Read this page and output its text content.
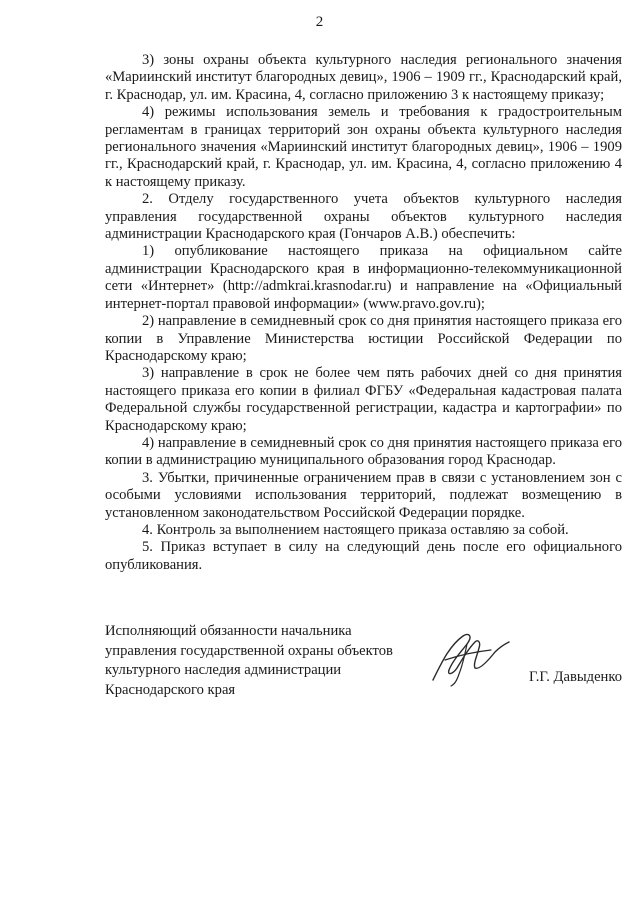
2

3) зоны охраны объекта культурного наследия регионального значения «Мариинский институт благородных девиц», 1906 – 1909 гг., Краснодарский край, г. Краснодар, ул. им. Красина, 4, согласно приложению 3 к настоящему приказу;

4) режимы использования земель и требования к градостроительным регламентам в границах территорий зон охраны объекта культурного наследия регионального значения «Мариинский институт благородных девиц», 1906 – 1909 гг., Краснодарский край, г. Краснодар, ул. им. Красина, 4, согласно приложению 4 к настоящему приказу.

2. Отделу государственного учета объектов культурного наследия управления государственной охраны объектов культурного наследия администрации Краснодарского края (Гончаров А.В.) обеспечить:

1) опубликование настоящего приказа на официальном сайте администрации Краснодарского края в информационно-телекоммуникационной сети «Интернет» (http://admkrai.krasnodar.ru) и направление на «Официальный интернет-портал правовой информации» (www.pravo.gov.ru);

2) направление в семидневный срок со дня принятия настоящего приказа его копии в Управление Министерства юстиции Российской Федерации по Краснодарскому краю;

3) направление в срок не более чем пять рабочих дней со дня принятия настоящего приказа его копии в филиал ФГБУ «Федеральная кадастровая палата Федеральной службы государственной регистрации, кадастра и картографии» по Краснодарскому краю;

4) направление в семидневный срок со дня принятия настоящего приказа его копии в администрацию муниципального образования город Краснодар.

3. Убытки, причиненные ограничением прав в связи с установлением зон с особыми условиями использования территорий, подлежат возмещению в установленном законодательством Российской Федерации порядке.

4. Контроль за выполнением настоящего приказа оставляю за собой.

5. Приказ вступает в силу на следующий день после его официального опубликования.

Исполняющий обязанности начальника
управления государственной охраны объектов
культурного наследия администрации
Краснодарского края
Г.Г. Давыденко
